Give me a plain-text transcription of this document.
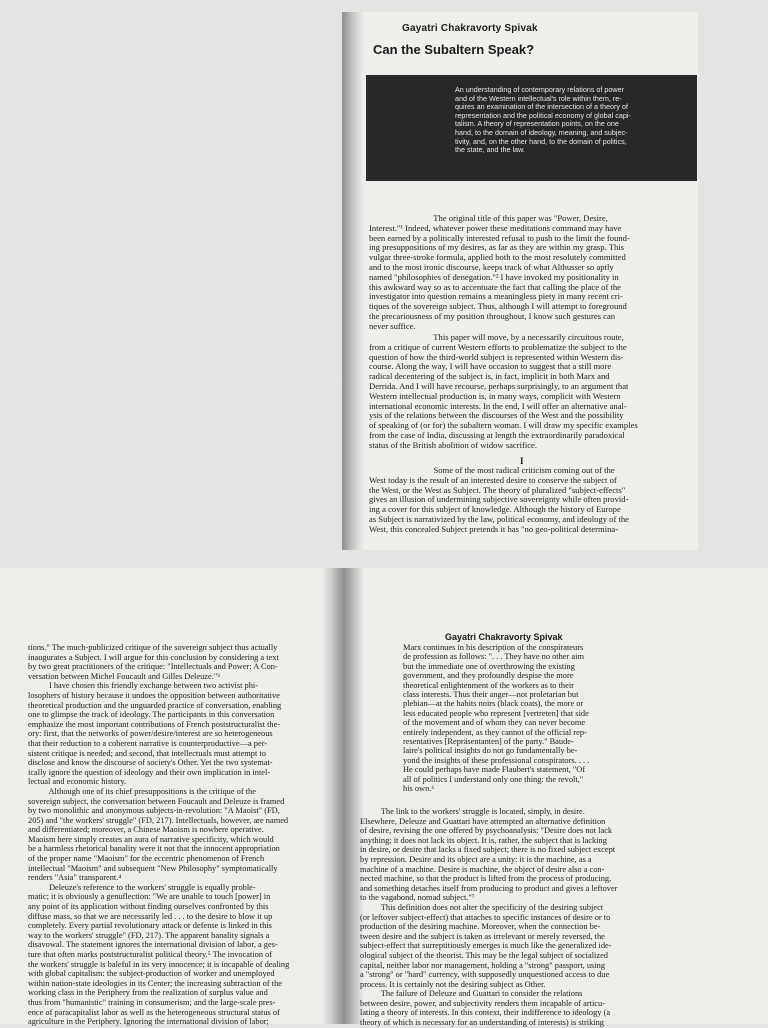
Gayatri Chakravorty Spivak
Can the Subaltern Speak?
An understanding of contemporary relations of power
and of the Western intellectual's role within them, re-
quires an examination of the intersection of a theory of
representation and the political economy of global capi-
talism. A theory of representation points, on the one
hand, to the domain of ideology, meaning, and subjec-
tivity, and, on the other hand, to the domain of politics,
the state, and the law.
The original title of this paper was "Power, Desire,
Interest."¹ Indeed, whatever power these meditations command may have
been earned by a politically interested refusal to push to the limit the found-
ing presuppositions of my desires, as far as they are within my grasp. This
vulgar three-stroke formula, applied both to the most resolutely committed
and to the most ironic discourse, keeps track of what Althusser so aptly
named "philosophies of denegation."² I have invoked my positionality in
this awkward way so as to accentuate the fact that calling the place of the
investigator into question remains a meaningless piety in many recent cri-
tiques of the sovereign subject. Thus, although I will attempt to foreground
the precariousness of my position throughout, I know such gestures can
never suffice.
This paper will move, by a necessarily circuitous route,
from a critique of current Western efforts to problematize the subject to the
question of how the third-world subject is represented within Western dis-
course. Along the way, I will have occasion to suggest that a still more
radical decentering of the subject is, in fact, implicit in both Marx and
Derrida. And I will have recourse, perhaps surprisingly, to an argument that
Western intellectual production is, in many ways, complicit with Western
international economic interests. In the end, I will offer an alternative anal-
ysis of the relations between the discourses of the West and the possibility
of speaking of (or for) the subaltern woman. I will draw my specific examples
from the case of India, discussing at length the extraordinarily paradoxical
status of the British abolition of widow sacrifice.
I
Some of the most radical criticism coming out of the
West today is the result of an interested desire to conserve the subject of
the West, or the West as Subject. The theory of pluralized "subject-effects"
gives an illusion of undermining subjective sovereignty while often provid-
ing a cover for this subject of knowledge. Although the history of Europe
as Subject is narrativized by the law, political economy, and ideology of the
West, this concealed Subject pretends it has "no geo-political determina-
tions." The much-publicized critique of the sovereign subject thus actually
inaugurates a Subject. I will argue for this conclusion by considering a text
by two great practitioners of the critique: "Intellectuals and Power: A Con-
versation between Michel Foucault and Gilles Deleuze."³
I have chosen this friendly exchange between two activist phi-
losophers of history because it undoes the opposition between authoritative
theoretical production and the unguarded practice of conversation, enabling
one to glimpse the track of ideology. The participants in this conversation
emphasize the most important contributions of French poststructuralist the-
ory: first, that the networks of power/desire/interest are so heterogeneous
that their reduction to a coherent narrative is counterproductive—a per-
sistent critique is needed; and second, that intellectuals must attempt to
disclose and know the discourse of society's Other. Yet the two systemat-
ically ignore the question of ideology and their own implication in intel-
lectual and economic history.
Although one of its chief presuppositions is the critique of the
sovereign subject, the conversation between Foucault and Deleuze is framed
by two monolithic and anonymous subjects-in-revolution: "A Maoist" (FD,
205) and "the workers' struggle" (FD, 217). Intellectuals, however, are named
and differentiated; moreover, a Chinese Maoism is nowhere operative.
Maoism here simply creates an aura of narrative specificity, which would
be a harmless rhetorical banality were it not that the innocent appropriation
of the proper name "Maoism" for the eccentric phenomenon of French
intellectual "Maoism" and subsequent "New Philosophy" symptomatically
renders "Asia" transparent.⁴
Deleuze's reference to the workers' struggle is equally proble-
matic; it is obviously a genuflection: "We are unable to touch [power] in
any point of its application without finding ourselves confronted by this
diffuse mass, so that we are necessarily led . . . to the desire to blow it up
completely. Every partial revolutionary attack or defense is linked in this
way to the workers' struggle" (FD, 217). The apparent banality signals a
disavowal. The statement ignores the international division of labor, a ges-
ture that often marks poststructuralist political theory.⁵ The invocation of
the workers' struggle is baleful in its very innocence; it is incapable of dealing
with global capitalism: the subject-production of worker and unemployed
within nation-state ideologies in its Center; the increasing subtraction of the
working class in the Periphery from the realization of surplus value and
thus from "humanistic" training in consumerism; and the large-scale pres-
ence of paracapitalist labor as well as the heterogeneous structural status of
agriculture in the Periphery. Ignoring the international division of labor;
Gayatri Chakravorty Spivak
Marx continues in his description of the conspirateurs
de profession as follows: ". . . They have no other aim
but the immediate one of overthrowing the existing
government, and they profoundly despise the more
theoretical enlightenment of the workers as to their
class interests. Thus their anger—not proletarian but
plebian—at the habits noirs (black coats), the more or
less educated people who represent [vertreten] that side
of the movement and of whom they can never become
entirely independent, as they cannot of the official rep-
resentatives [Repräsentanten] of the party." Baude-
laire's political insights do not go fundamentally be-
yond the insights of these professional conspirators. . . .
He could perhaps have made Flaubert's statement, "Of
all of politics I understand only one thing: the revolt,"
his own.⁶
The link to the workers' struggle is located, simply, in desire.
Elsewhere, Deleuze and Guattari have attempted an alternative definition
of desire, revising the one offered by psychoanalysis: "Desire does not lack
anything; it does not lack its object. It is, rather, the subject that is lacking
in desire, or desire that lacks a fixed subject; there is no fixed subject except
by repression. Desire and its object are a unity: it is the machine, as a
machine of a machine. Desire is machine, the object of desire also a con-
nected machine, so that the product is lifted from the process of producing,
and something detaches itself from producing to product and gives a leftover
to the vagabond, nomad subject."⁷
This definition does not alter the specificity of the desiring subject
(or leftover subject-effect) that attaches to specific instances of desire or to
production of the desiring machine. Moreover, when the connection be-
tween desire and the subject is taken as irrelevant or merely reversed, the
subject-effect that surreptitiously emerges is much like the generalized ide-
ological subject of the theorist. This may be the legal subject of socialized
capital, neither labor nor management, holding a "strong" passport, using
a "strong" or "hard" currency, with supposedly unquestioned access to due
process. It is certainly not the desiring subject as Other.
The failure of Deleuze and Guattari to consider the relations
between desire, power, and subjectivity renders them incapable of articu-
lating a theory of interests. In this context, their indifference to ideology (a
theory of which is necessary for an understanding of interests) is striking
